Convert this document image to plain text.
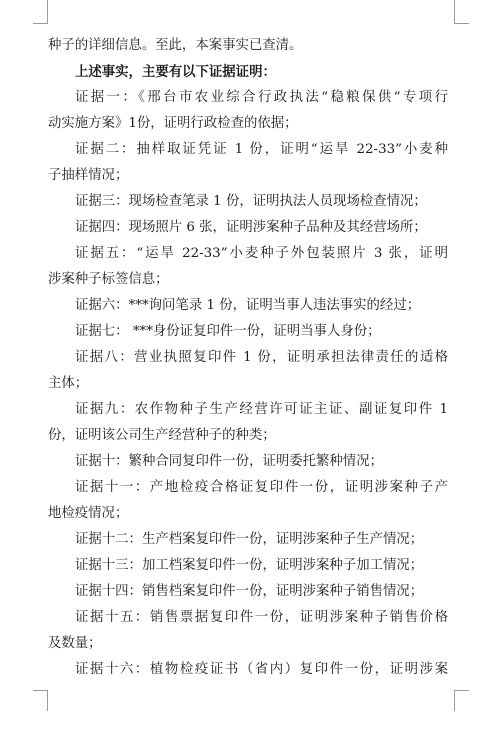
种子的详细信息。至此，本案事实已查清。
上述事实，主要有以下证据证明：
证据一：《邢台市农业综合行政执法“稳粮保供”专项行
动实施方案》1份，证明行政检查的依据；
证据二：抽样取证凭证 1 份，证明“运旱 22-33”小麦种
子抽样情况；
证据三：现场检查笔录 1 份，证明执法人员现场检查情况；
证据四：现场照片 6 张，证明涉案种子品种及其经营场所；
证据五：“运旱 22-33”小麦种子外包装照片 3 张，证明
涉案种子标签信息；
证据六：***询问笔录 1 份，证明当事人违法事实的经过；
证据七： ***身份证复印件一份，证明当事人身份；
证据八：营业执照复印件 1 份，证明承担法律责任的适格
主体；
证据九：农作物种子生产经营许可证主证、副证复印件 1
份，证明该公司生产经营种子的种类；
证据十：繁种合同复印件一份，证明委托繁种情况；
证据十一：产地检疫合格证复印件一份，证明涉案种子产
地检疫情况；
证据十二：生产档案复印件一份，证明涉案种子生产情况；
证据十三：加工档案复印件一份，证明涉案种子加工情况；
证据十四：销售档案复印件一份，证明涉案种子销售情况；
证据十五：销售票据复印件一份，证明涉案种子销售价格
及数量；
证据十六：植物检疫证书（省内）复印件一份，证明涉案
